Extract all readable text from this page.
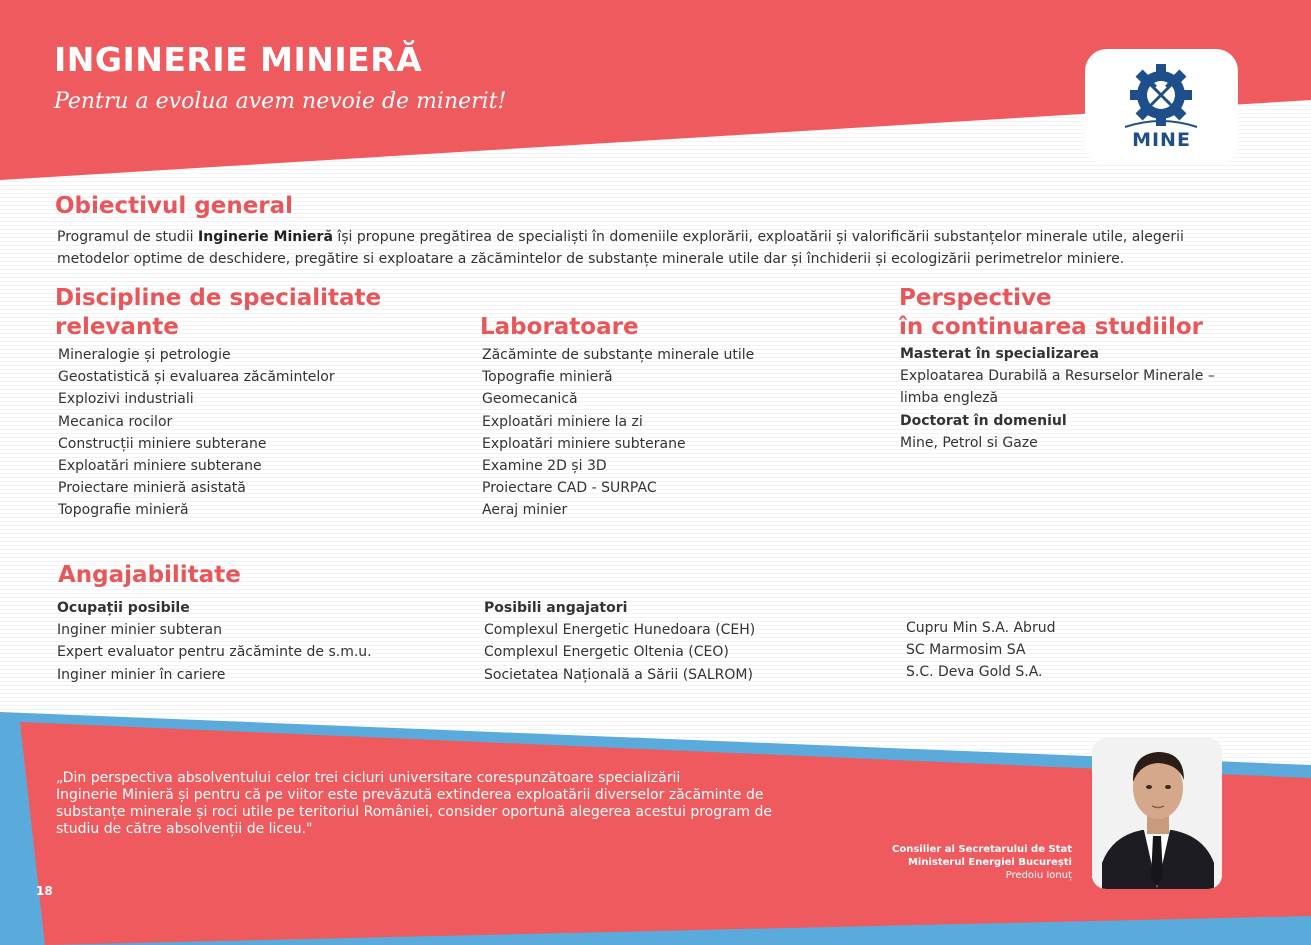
INGINERIE MINIERĂ
Pentru a evolua avem nevoie de minerit!
MINE
Obiectivul general
Programul de studii Inginerie Minieră își propune pregătirea de specialiști în domeniile explorării, exploatării și valorificării substanțelor minerale utile, alegerii metodelor optime de deschidere, pregătire si exploatare a zăcămintelor de substanțe minerale utile dar și închiderii și ecologizării perimetrelor miniere.
Discipline de specialitate
relevante
Mineralogie și petrologie
Geostatistică și evaluarea zăcămintelor
Explozivi industriali
Mecanica rocilor
Construcții miniere subterane
Exploatări miniere subterane
Proiectare minieră asistată
Topografie minieră
Laboratoare
Zăcăminte de substanțe minerale utile
Topografie minieră
Geomecanică
Exploatări miniere la zi
Exploatări miniere subterane
Examine 2D și 3D
Proiectare CAD - SURPAC
Aeraj minier
Perspective
în continuarea studiilor
Masterat în specializarea
Exploatarea Durabilă a Resurselor Minerale –
limba engleză
Doctorat în domeniul
Mine, Petrol si Gaze
Angajabilitate
Ocupații posibile
Inginer minier subteran
Expert evaluator pentru zăcăminte de s.m.u.
Inginer minier în cariere
Posibili angajatori
Complexul Energetic Hunedoara (CEH)
Complexul Energetic Oltenia (CEO)
Societatea Națională a Sării (SALROM)
Cupru Min S.A. Abrud
SC Marmosim SA
S.C. Deva Gold S.A.
„Din perspectiva absolventului celor trei cicluri universitare corespunzătoare specializării
Inginerie Minieră și pentru că pe viitor este prevăzută extinderea exploatării diverselor zăcăminte de
substanțe minerale și roci utile pe teritoriul României, consider oportună alegerea acestui program de
studiu de către absolvenții de liceu."
Consilier al Secretarului de Stat
Ministerul Energiei București
Predoiu Ionuț
18
